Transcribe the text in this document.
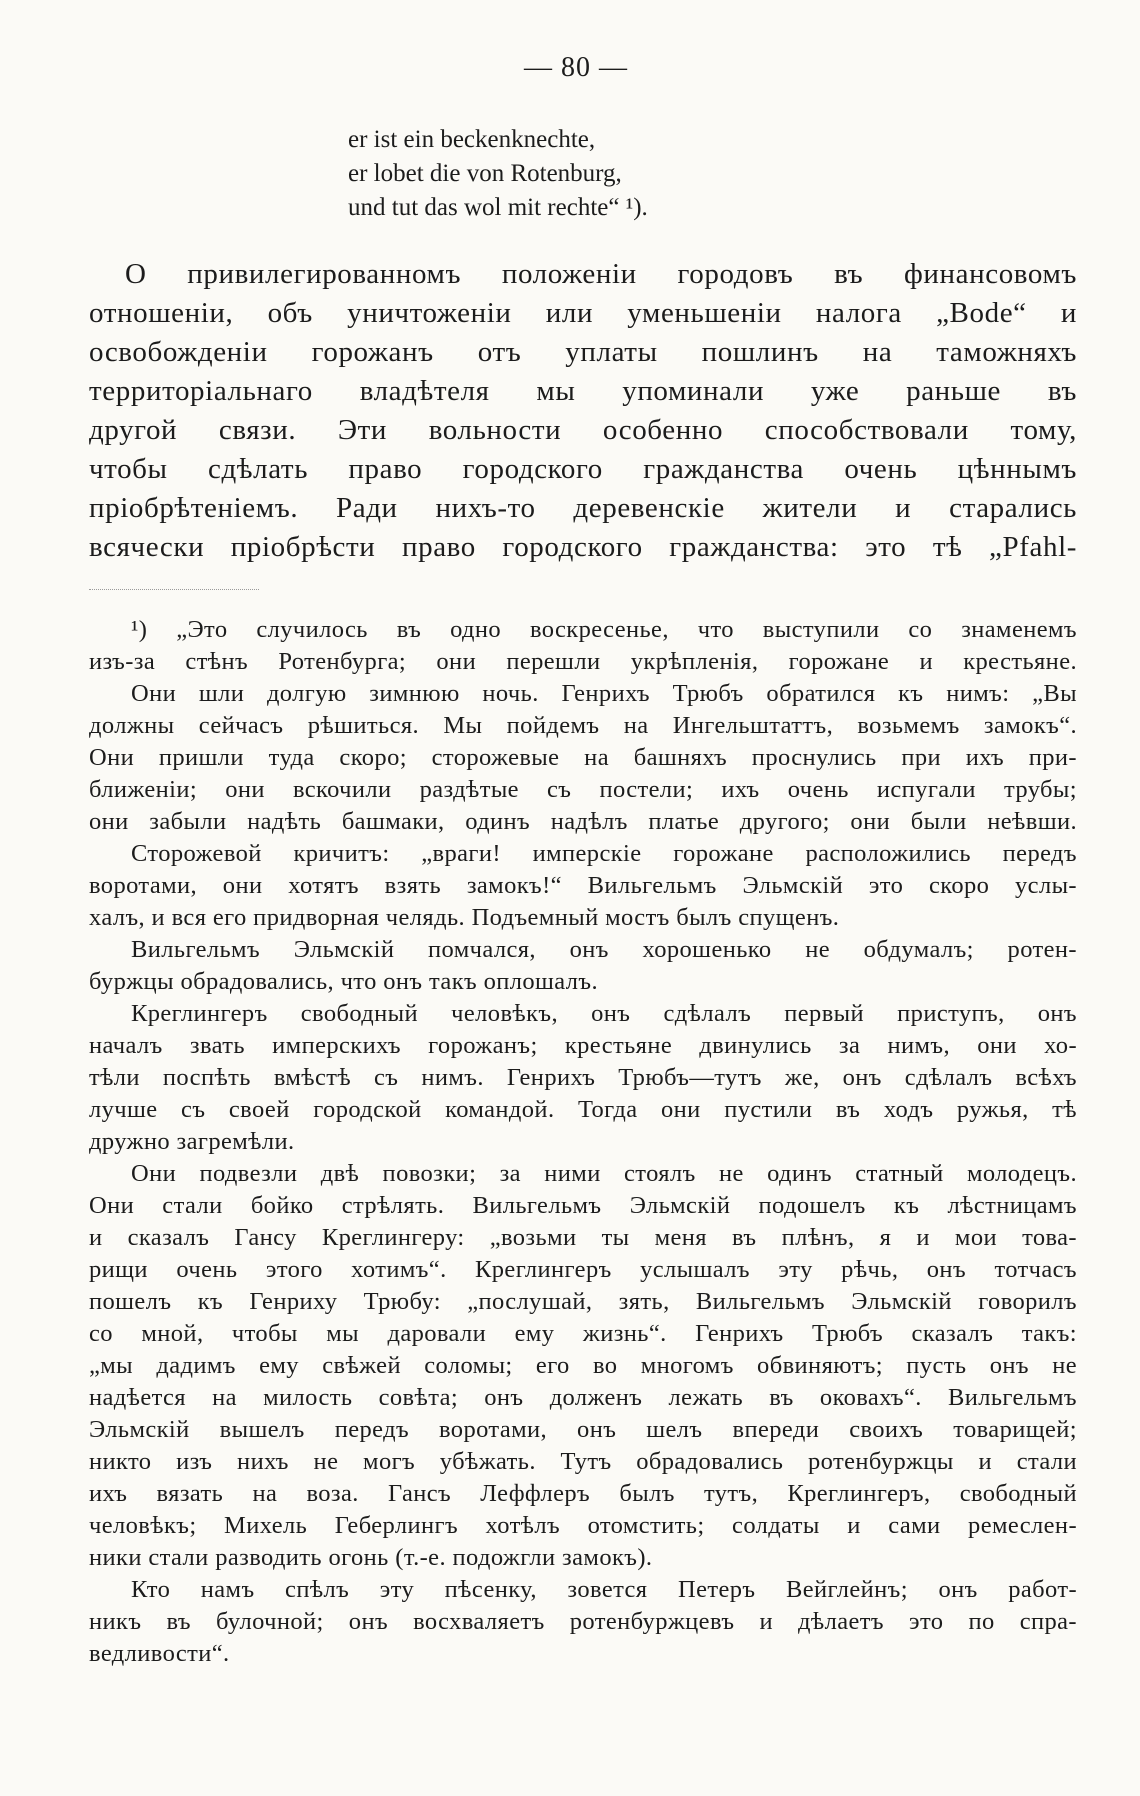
— 80 —
er ist ein beckenknechte,
er lobet die von Rotenburg,
und tut das wol mit rechte“ ¹).
О привилегированномъ положеніи городовъ въ финансовомъ
отношеніи, объ уничтоженіи или уменьшеніи налога „Bode“ и
освобожденіи горожанъ отъ уплаты пошлинъ на таможняхъ
территоріальнаго владѣтеля мы упоминали уже раньше въ
другой связи. Эти вольности особенно способствовали тому,
чтобы сдѣлать право городского гражданства очень цѣннымъ
пріобрѣтеніемъ. Ради нихъ-то деревенскіе жители и старались
всячески пріобрѣсти право городского гражданства: это тѣ „Pfahl-
¹) „Это случилось въ одно воскресенье, что выступили со знаменемъ
изъ-за стѣнъ Ротенбурга; они перешли укрѣпленія, горожане и крестьяне.
Они шли долгую зимнюю ночь. Генрихъ Трюбъ обратился къ нимъ: „Вы
должны сейчасъ рѣшиться. Мы пойдемъ на Ингельштаттъ, возьмемъ замокъ“.
Они пришли туда скоро; сторожевые на башняхъ проснулись при ихъ при-
ближеніи; они вскочили раздѣтые съ постели; ихъ очень испугали трубы;
они забыли надѣть башмаки, одинъ надѣлъ платье другого; они были неѣвши.
Сторожевой кричитъ: „враги! имперскіе горожане расположились передъ
воротами, они хотятъ взять замокъ!“ Вильгельмъ Эльмскій это скоро услы-
халъ, и вся его придворная челядь. Подъемный мостъ былъ спущенъ.
Вильгельмъ Эльмскій помчался, онъ хорошенько не обдумалъ; ротен-
буржцы обрадовались, что онъ такъ оплошалъ.
Креглингеръ свободный человѣкъ, онъ сдѣлалъ первый приступъ, онъ
началъ звать имперскихъ горожанъ; крестьяне двинулись за нимъ, они хо-
тѣли поспѣть вмѣстѣ съ нимъ. Генрихъ Трюбъ—тутъ же, онъ сдѣлалъ всѣхъ
лучше съ своей городской командой. Тогда они пустили въ ходъ ружья, тѣ
дружно загремѣли.
Они подвезли двѣ повозки; за ними стоялъ не одинъ статный молодецъ.
Они стали бойко стрѣлять. Вильгельмъ Эльмскій подошелъ къ лѣстницамъ
и сказалъ Гансу Креглингеру: „возьми ты меня въ плѣнъ, я и мои това-
рищи очень этого хотимъ“. Креглингеръ услышалъ эту рѣчь, онъ тотчасъ
пошелъ къ Генриху Трюбу: „послушай, зять, Вильгельмъ Эльмскій говорилъ
со мной, чтобы мы даровали ему жизнь“. Генрихъ Трюбъ сказалъ такъ:
„мы дадимъ ему свѣжей соломы; его во многомъ обвиняютъ; пусть онъ не
надѣется на милость совѣта; онъ долженъ лежать въ оковахъ“. Вильгельмъ
Эльмскій вышелъ передъ воротами, онъ шелъ впереди своихъ товарищей;
никто изъ нихъ не могъ убѣжать. Тутъ обрадовались ротенбуржцы и стали
ихъ вязать на воза. Гансъ Леффлеръ былъ тутъ, Креглингеръ, свободный
человѣкъ; Михель Геберлингъ хотѣлъ отомстить; солдаты и сами ремеслен-
ники стали разводить огонь (т.-е. подожгли замокъ).
Кто намъ спѣлъ эту пѣсенку, зовется Петеръ Вейглейнъ; онъ работ-
никъ въ булочной; онъ восхваляетъ ротенбуржцевъ и дѣлаетъ это по спра-
ведливости“.
